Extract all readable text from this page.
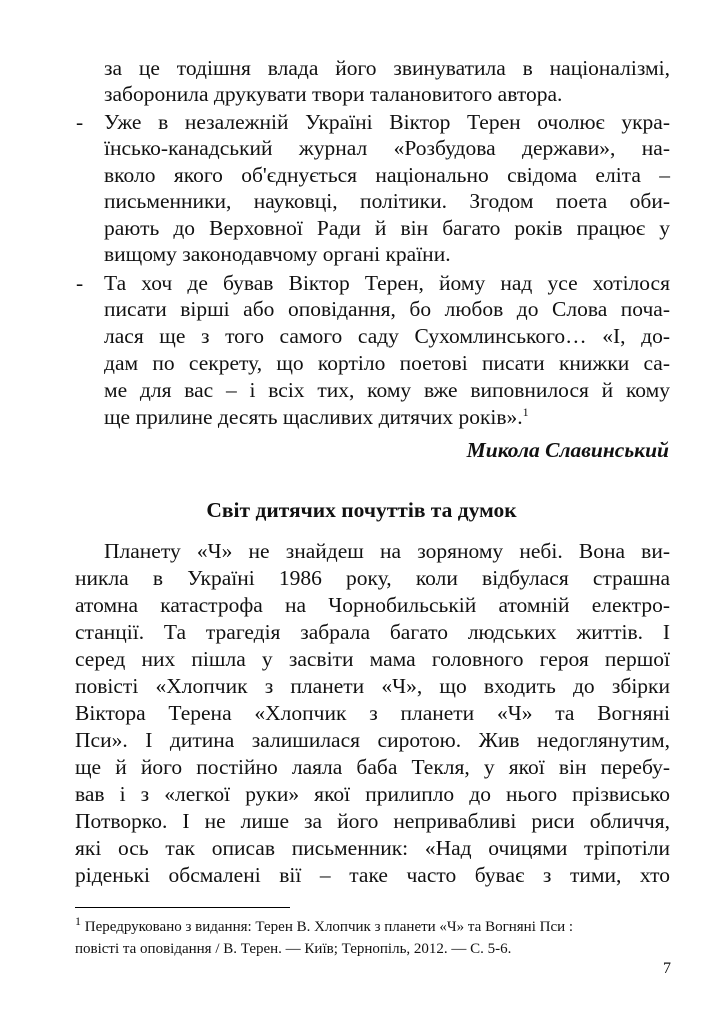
за це тодішня влада його звинуватила в націоналізмі,
заборонила друкувати твори талановитого автора.
- Уже в незалежній Україні Віктор Терен очолює укра-
їнсько-канадський журнал «Розбудова держави», на-
вколо якого об'єднується національно свідома еліта –
письменники, науковці, політики. Згодом поета оби-
рають до Верховної Ради й він багато років працює у
вищому законодавчому органі країни.
- Та хоч де бував Віктор Терен, йому над усе хотілося
писати вірші або оповідання, бо любов до Слова поча-
лася ще з того самого саду Сухомлинського… «І, до-
дам по секрету, що кортіло поетові писати книжки са-
ме для вас – і всіх тих, кому вже виповнилося й кому
ще прилине десять щасливих дитячих років».$^1$
Микола Славинський
Світ дитячих почуттів та думок
Планету «Ч» не знайдеш на зоряному небі. Вона ви-
никла в Україні 1986 року, коли відбулася страшна
атомна катастрофа на Чорнобильській атомній електро-
станції. Та трагедія забрала багато людських життів. І
серед них пішла у засвіти мама головного героя першої
повісті «Хлопчик з планети «Ч», що входить до збірки
Віктора Терена «Хлопчик з планети «Ч» та Вогняні
Пси». І дитина залишилася сиротою. Жив недоглянутим,
ще й його постійно лаяла баба Текля, у якої він перебу-
вав і з «легкої руки» якої прилипло до нього прізвисько
Потворко. І не лише за його непривабливі риси обличчя,
які ось так описав письменник: «Над очицями тріпотіли
ріденькі обсмалені вії – таке часто буває з тими, хто
$^1$ Передруковано з видання: Терен В. Хлопчик з планети «Ч» та Вогняні Пси :
повісті та оповідання / В. Терен. — Київ; Тернопіль, 2012. — С. 5-6.
7
